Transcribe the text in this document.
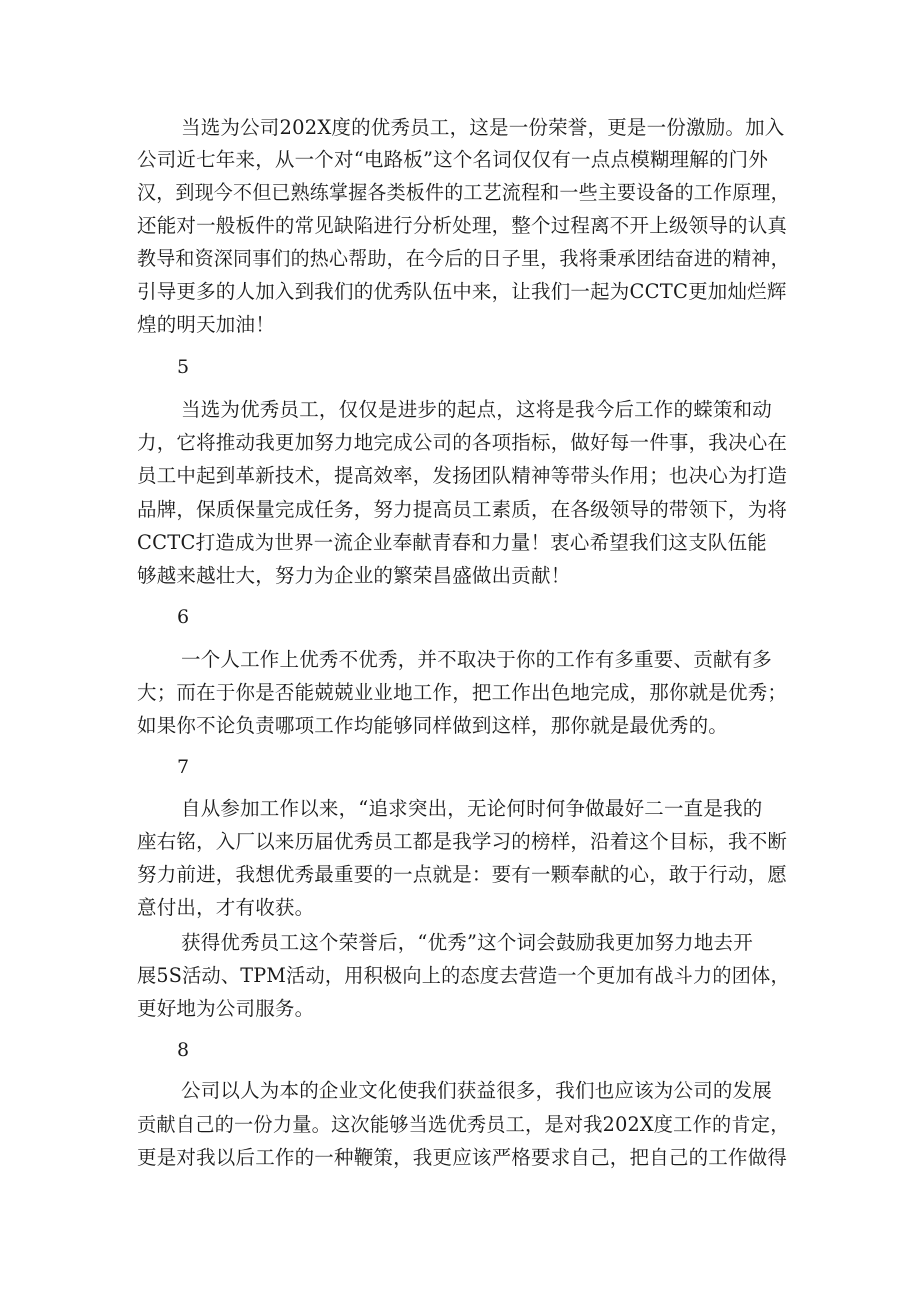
当选为公司202X度的优秀员工，这是一份荣誉，更是一份激励。加入
公司近七年来，从一个对“电路板”这个名词仅仅有一点点模糊理解的门外
汉，到现今不但已熟练掌握各类板件的工艺流程和一些主要设备的工作原理，
还能对一般板件的常见缺陷进行分析处理，整个过程离不开上级领导的认真
教导和资深同事们的热心帮助，在今后的日子里，我将秉承团结奋进的精神，
引导更多的人加入到我们的优秀队伍中来，让我们一起为CCTC更加灿烂辉
煌的明天加油！
5
当选为优秀员工，仅仅是进步的起点，这将是我今后工作的蝾策和动
力，它将推动我更加努力地完成公司的各项指标，做好每一件事，我决心在
员工中起到革新技术，提高效率，发扬团队精神等带头作用；也决心为打造
品牌，保质保量完成任务，努力提高员工素质，在各级领导的带领下，为将
CCTC打造成为世界一流企业奉献青春和力量！衷心希望我们这支队伍能
够越来越壮大，努力为企业的繁荣昌盛做出贡献！
6
一个人工作上优秀不优秀，并不取决于你的工作有多重要、贡献有多
大；而在于你是否能兢兢业业地工作，把工作出色地完成，那你就是优秀；
如果你不论负责哪项工作均能够同样做到这样，那你就是最优秀的。
7
自从参加工作以来，“追求突出，无论何时何争做最好二一直是我的
座右铭，入厂以来历届优秀员工都是我学习的榜样，沿着这个目标，我不断
努力前进，我想优秀最重要的一点就是：要有一颗奉献的心，敢于行动，愿
意付出，才有收获。
获得优秀员工这个荣誉后，“优秀”这个词会鼓励我更加努力地去开
展5S活动、TPM活动，用积极向上的态度去营造一个更加有战斗力的团体，
更好地为公司服务。
8
公司以人为本的企业文化使我们获益很多，我们也应该为公司的发展
贡献自己的一份力量。这次能够当选优秀员工，是对我202X度工作的肯定，
更是对我以后工作的一种鞭策，我更应该严格要求自己，把自己的工作做得
